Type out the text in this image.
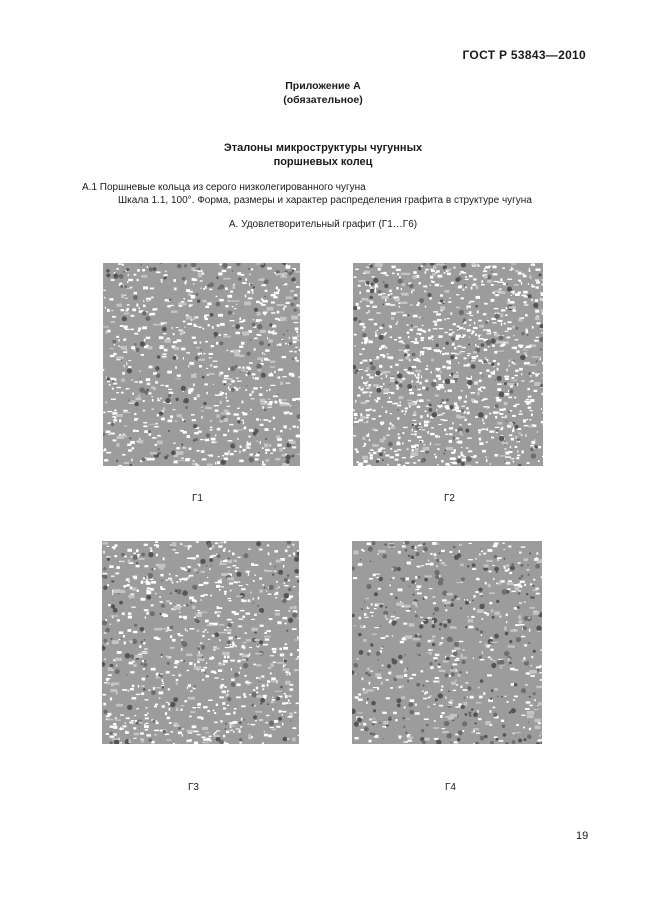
ГОСТ Р 53843—2010
Приложение А
(обязательное)
Эталоны микроструктуры чугунных
поршневых колец
А.1 Поршневые кольца из серого низколегированного чугуна
Шкала 1.1, 100°. Форма, размеры и характер распределения графита в структуре чугуна
А. Удовлетворительный графит (Г1…Г6)
Г1	Г2
Г3	Г4
19
